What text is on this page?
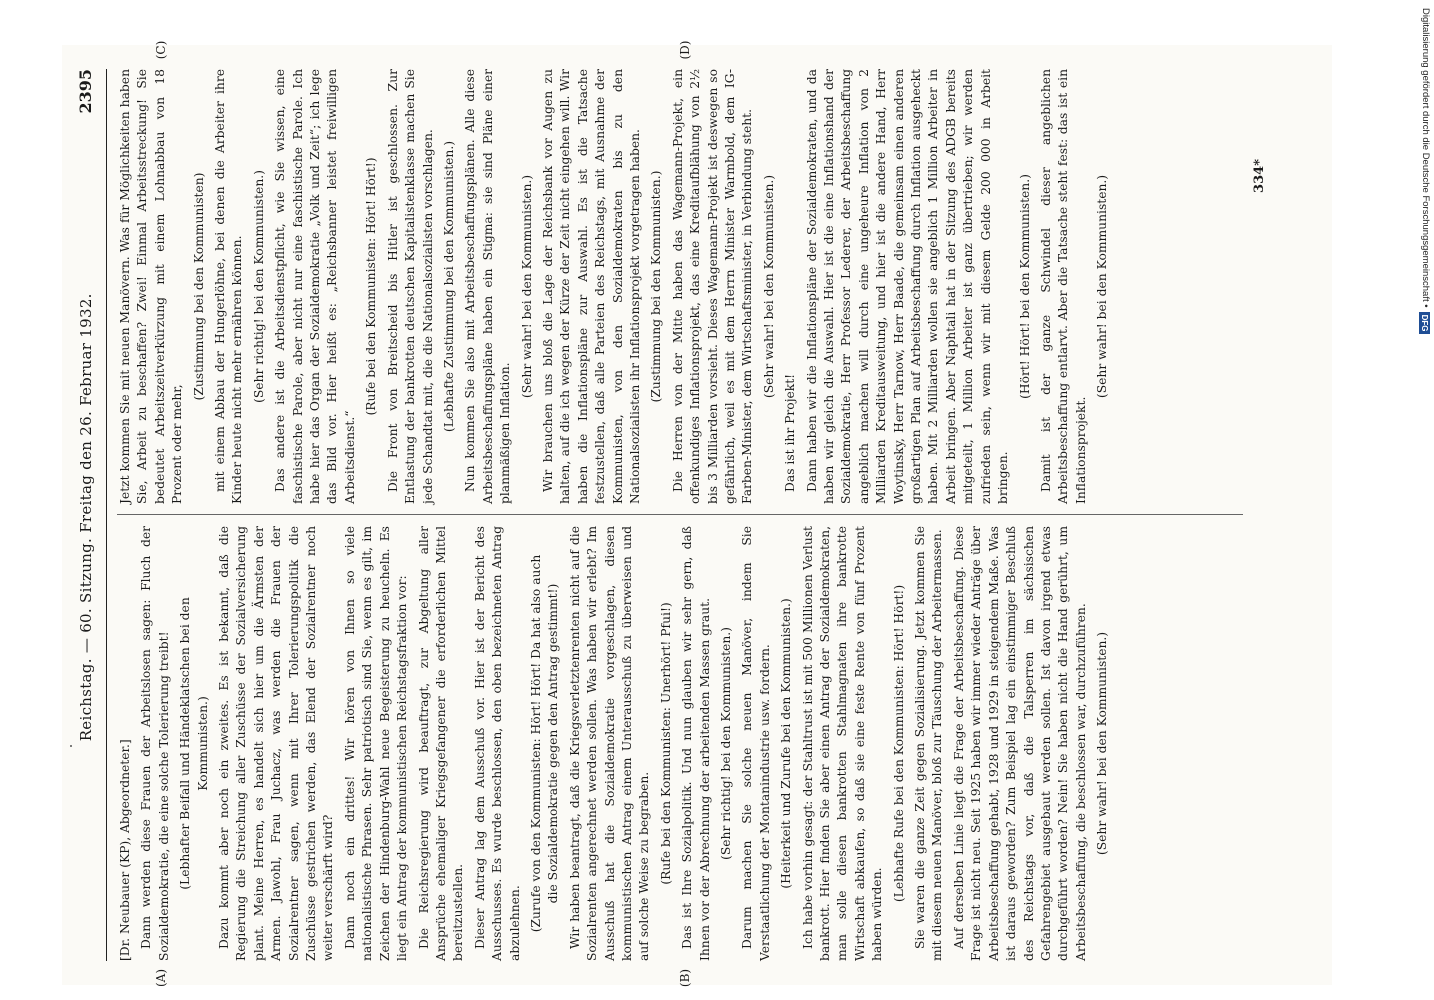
Reichstag. — 60. Sitzung. Freitag den 26. Februar 1932.
2395
(A)	(B)

[Dr. Neubauer (KP), Abgeordneter.] Dann werden diese Frauen der Arbeitslosen sagen: Fluch der Sozialdemokratie, die eine solche Tolerierung treibt! (Lebhafter Beifall und Händeklatschen bei den Kommunisten.) Dazu kommt aber noch ein zweites. Es ist bekannt, daß die Regierung die Streichung aller Zuschüsse der Sozialversicherung plant. Meine Herren, es handelt sich hier um die Ärmsten der Armen. Jawohl, Frau Juchacz, was werden die Frauen der Sozialrentner sagen, wenn mit Ihrer Tolerierungspolitik die Zuschüsse gestrichen werden, das Elend der Sozialrentner noch weiter verschärft wird? Dann noch ein drittes! Wir hören von Ihnen so viele nationalistische Phrasen. Sehr patriotisch sind Sie, wenn es gilt, im Zeichen der Hindenburg-Wahl neue Begeisterung zu heucheln. Es liegt ein Antrag der kommunistischen Reichstagsfraktion vor: Die Reichsregierung wird beauftragt, zur Abgeltung aller Ansprüche ehemaliger Kriegsgefangener die erforderlichen Mittel bereitzustellen. Dieser Antrag lag dem Ausschuß vor. Hier ist der Bericht des Ausschusses. Es wurde beschlossen, den oben bezeichneten Antrag abzulehnen. (Zurufe von den Kommunisten: Hört! Hört! Da hat also auch die Sozialdemokratie gegen den Antrag gestimmt!) Wir haben beantragt, daß die Kriegsverletztenrenten nicht auf die Sozialrenten angerechnet werden sollen. Was haben wir erlebt? Im Ausschuß hat die Sozialdemokratie vorgeschlagen, diesen kommunistischen Antrag einem Unterausschuß zu überweisen und auf solche Weise zu begraben. (Rufe bei den Kommunisten: Unerhört! Pfui!) Das ist Ihre Sozialpolitik. Und nun glauben wir sehr gern, daß Ihnen vor der Abrechnung der arbeitenden Massen graut. (Sehr richtig! bei den Kommunisten.) Darum machen Sie solche neuen Manöver, indem Sie Verstaatlichung der Montanindustrie usw. fordern. (Heiterkeit und Zurufe bei den Kommunisten.) Ich habe vorhin gesagt: der Stahltrust ist mit 500 Millionen Verlust bankrott. Hier finden Sie aber einen Antrag der Sozialdemokraten, man solle diesen bankrotten Stahlmagnaten ihre bankrotte Wirtschaft abkaufen, so daß sie eine feste Rente von fünf Prozent haben würden.

(Lebhafte Rufe bei den Kommunisten: Hört! Hört!) Sie waren die ganze Zeit gegen Sozialisierung. Jetzt kommen Sie mit diesem neuen Manöver, bloß zur Täuschung der Arbeitermassen. Auf derselben Linie liegt die Frage der Arbeitsbeschaffung. Diese Frage ist nicht neu. Seit 1925 haben wir immer wieder Anträge über Arbeitsbeschaffung gehabt, 1928 und 1929 in steigendem Maße. Was ist daraus geworden? Zum Beispiel lag ein einstimmiger Beschluß des Reichstags vor, daß die Talsperren im sächsischen Gefahrengebiet ausgebaut werden sollen. Ist davon irgend etwas durchgeführt worden? Nein! Sie haben nicht die Hand gerührt, um Arbeitsbeschaffung, die beschlossen war, durchzuführen. (Sehr wahr! bei den Kommunisten.)

(C)	(D)

Jetzt kommen Sie mit neuen Manövern. Was für Möglichkeiten haben Sie, Arbeit zu beschaffen? Zwei! Einmal Arbeitsstreckung! Sie bedeutet Arbeitszeitverkürzung mit einem Lohnabbau von 18 Prozent oder mehr,

(Zustimmung bei den Kommunisten) mit einem Abbau der Hungerlöhne, bei denen die Arbeiter ihre Kinder heute nicht mehr ernähren können. (Sehr richtig! bei den Kommunisten.) Das andere ist die Arbeitsdienstpflicht, wie Sie wissen, eine faschistische Parole, aber nicht nur eine faschistische Parole. Ich habe hier das Organ der Sozialdemokratie „Volk und Zeit“; ich lege das Bild vor. Hier heißt es: „Reichsbanner leistet freiwilligen Arbeitsdienst.“

(Rufe bei den Kommunisten: Hört! Hört!) Die Front von Breitscheid bis Hitler ist geschlossen. Zur Entlastung der bankrotten deutschen Kapitalistenklasse machen Sie jede Schandtat mit, die die Nationalsozialisten vorschlagen. (Lebhafte Zustimmung bei den Kommunisten.) Nun kommen Sie also mit Arbeitsbeschaffungsplänen. Alle diese Arbeitsbeschaffungspläne haben ein Stigma: sie sind Pläne einer planmäßigen Inflation.

(Sehr wahr! bei den Kommunisten.) Wir brauchen uns bloß die Lage der Reichsbank vor Augen zu halten, auf die ich wegen der Kürze der Zeit nicht eingehen will. Wir haben die Inflationspläne zur Auswahl. Es ist die Tatsache festzustellen, daß alle Parteien des Reichstags, mit Ausnahme der Kommunisten, von den Sozialdemokraten bis zu den Nationalsozialisten ihr Inflationsprojekt vorgetragen haben. (Zustimmung bei den Kommunisten.) Die Herren von der Mitte haben das Wagemann-Projekt, ein offenkundiges Inflationsprojekt, das eine Kreditaufblähung von 2½ bis 3 Milliarden vorsieht. Dieses Wagemann-Projekt ist deswegen so gefährlich, weil es mit dem Herrn Minister Warmbold, dem IG-Farben-Minister, dem Wirtschaftsminister, in Verbindung steht. (Sehr wahr! bei den Kommunisten.)

Das ist ihr Projekt! Dann haben wir die Inflationspläne der Sozialdemokraten, und da haben wir gleich die Auswahl. Hier ist die eine Inflationshand der Sozialdemokratie, Herr Professor Lederer, der Arbeitsbeschaffung angeblich machen will durch eine ungeheure Inflation von 2 Milliarden Kreditausweitung, und hier ist die andere Hand, Herr Woytinsky, Herr Tarnow, Herr Baade, die gemeinsam einen anderen großartigen Plan auf Arbeitsbeschaffung durch Inflation ausgeheckt haben. Mit 2 Milliarden wollen sie angeblich 1 Million Arbeiter in Arbeit bringen. Aber Naphtali hat in der Sitzung des ADGB bereits mitgeteilt, 1 Million Arbeiter ist ganz übertrieben; wir werden zufrieden sein, wenn wir mit diesem Gelde 200 000 in Arbeit bringen.

(Hört! Hört! bei den Kommunisten.) Damit ist der ganze Schwindel dieser angeblichen Arbeitsbeschaffung entlarvt. Aber die Tatsache steht fest: das ist ein Inflationsprojekt.

(Sehr wahr! bei den Kommunisten.)	334*	Digitalisierung gefördert durch die Deutsche Forschungsgemeinschaft •
DFG
